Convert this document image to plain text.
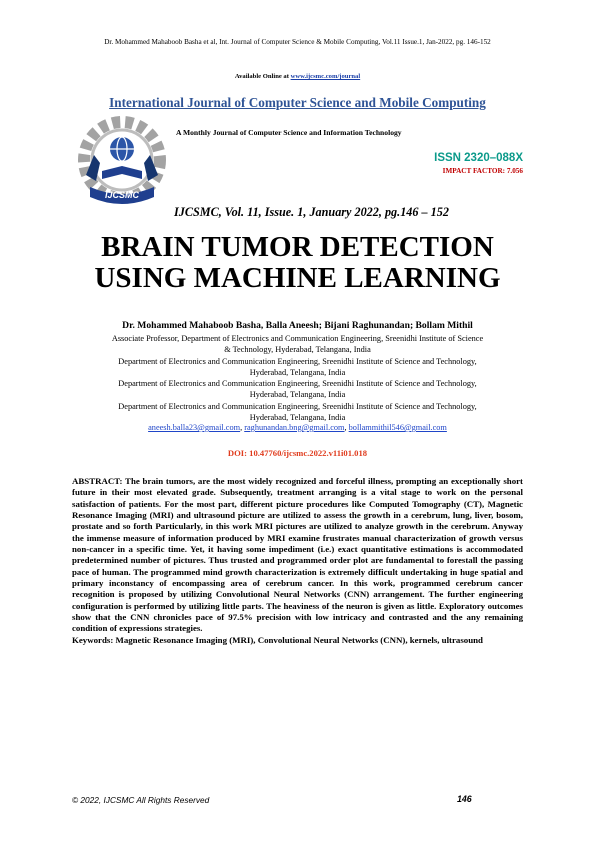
Dr. Mohammed Mahaboob Basha et al, Int. Journal of Computer Science & Mobile Computing, Vol.11 Issue.1, Jan-2022, pg. 146-152
Available Online at www.ijcsmc.com/journal
International Journal of Computer Science and Mobile Computing
IJCSMC
A Monthly Journal of Computer Science and Information Technology
ISSN 2320–088X
IMPACT FACTOR: 7.056
IJCSMC, Vol. 11, Issue. 1, January 2022, pg.146 – 152
BRAIN TUMOR DETECTION
USING MACHINE LEARNING
Dr. Mohammed Mahaboob Basha, Balla Aneesh; Bijani Raghunandan; Bollam Mithil
Associate Professor, Department of Electronics and Communication Engineering, Sreenidhi Institute of Science
& Technology, Hyderabad, Telangana, India
Department of Electronics and Communication Engineering, Sreenidhi Institute of Science and Technology,
Hyderabad, Telangana, India
Department of Electronics and Communication Engineering, Sreenidhi Institute of Science and Technology,
Hyderabad, Telangana, India
Department of Electronics and Communication Engineering, Sreenidhi Institute of Science and Technology,
Hyderabad, Telangana, India
aneesh.balla23@gmail.com, raghunandan.bng@gmail.com, bollammithil546@gmail.com
DOI: 10.47760/ijcsmc.2022.v11i01.018
ABSTRACT: The brain tumors, are the most widely recognized and forceful illness, prompting an exceptionally short future in their most elevated grade. Subsequently, treatment arranging is a vital stage to work on the personal satisfaction of patients. For the most part, different picture procedures like Computed Tomography (CT), Magnetic Resonance Imaging (MRI) and ultrasound picture are utilized to assess the growth in a cerebrum, lung, liver, bosom, prostate and so forth Particularly, in this work MRI pictures are utilized to analyze growth in the cerebrum. Anyway the immense measure of information produced by MRI examine frustrates manual characterization of growth versus non-cancer in a specific time. Yet, it having some impediment (i.e.) exact quantitative estimations is accommodated predetermined number of pictures. Thus trusted and programmed order plot are fundamental to forestall the passing pace of human. The programmed mind growth characterization is extremely difficult undertaking in huge spatial and primary inconstancy of encompassing area of cerebrum cancer. In this work, programmed cerebrum cancer recognition is proposed by utilizing Convolutional Neural Networks (CNN) arrangement. The further engineering configuration is performed by utilizing little parts. The heaviness of the neuron is given as little. Exploratory outcomes show that the CNN chronicles pace of 97.5% precision with low intricacy and contrasted and the any remaining condition of expressions strategies.
Keywords: Magnetic Resonance Imaging (MRI), Convolutional Neural Networks (CNN), kernels, ultrasound
© 2022, IJCSMC All Rights Reserved	146
